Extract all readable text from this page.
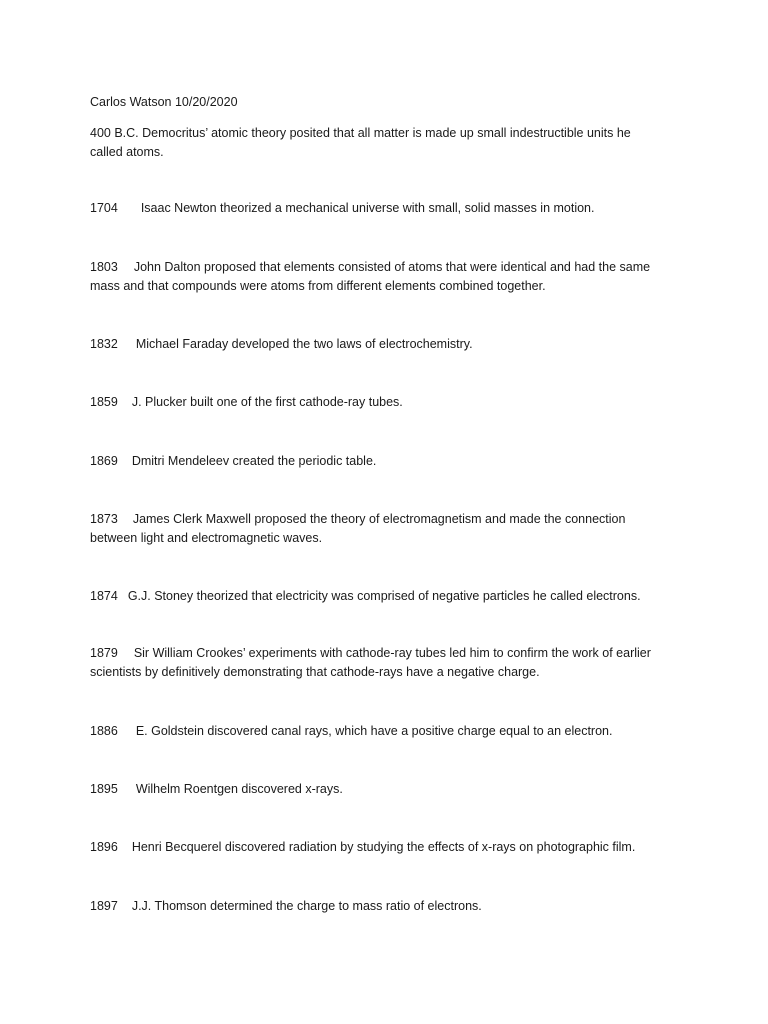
Carlos Watson 10/20/2020
400 B.C. Democritus’ atomic theory posited that all matter is made up small indestructible units he called atoms.
1704 Isaac Newton theorized a mechanical universe with small, solid masses in motion.
1803 John Dalton proposed that elements consisted of atoms that were identical and had the same mass and that compounds were atoms from different elements combined together.
1832 Michael Faraday developed the two laws of electrochemistry.
1859 J. Plucker built one of the first cathode-ray tubes.
1869 Dmitri Mendeleev created the periodic table.
1873 James Clerk Maxwell proposed the theory of electromagnetism and made the connection between light and electromagnetic waves.
1874 G.J. Stoney theorized that electricity was comprised of negative particles he called electrons.
1879 Sir William Crookes’ experiments with cathode-ray tubes led him to confirm the work of earlier scientists by definitively demonstrating that cathode-rays have a negative charge.
1886 E. Goldstein discovered canal rays, which have a positive charge equal to an electron.
1895 Wilhelm Roentgen discovered x-rays.
1896 Henri Becquerel discovered radiation by studying the effects of x-rays on photographic film.
1897 J.J. Thomson determined the charge to mass ratio of electrons.
